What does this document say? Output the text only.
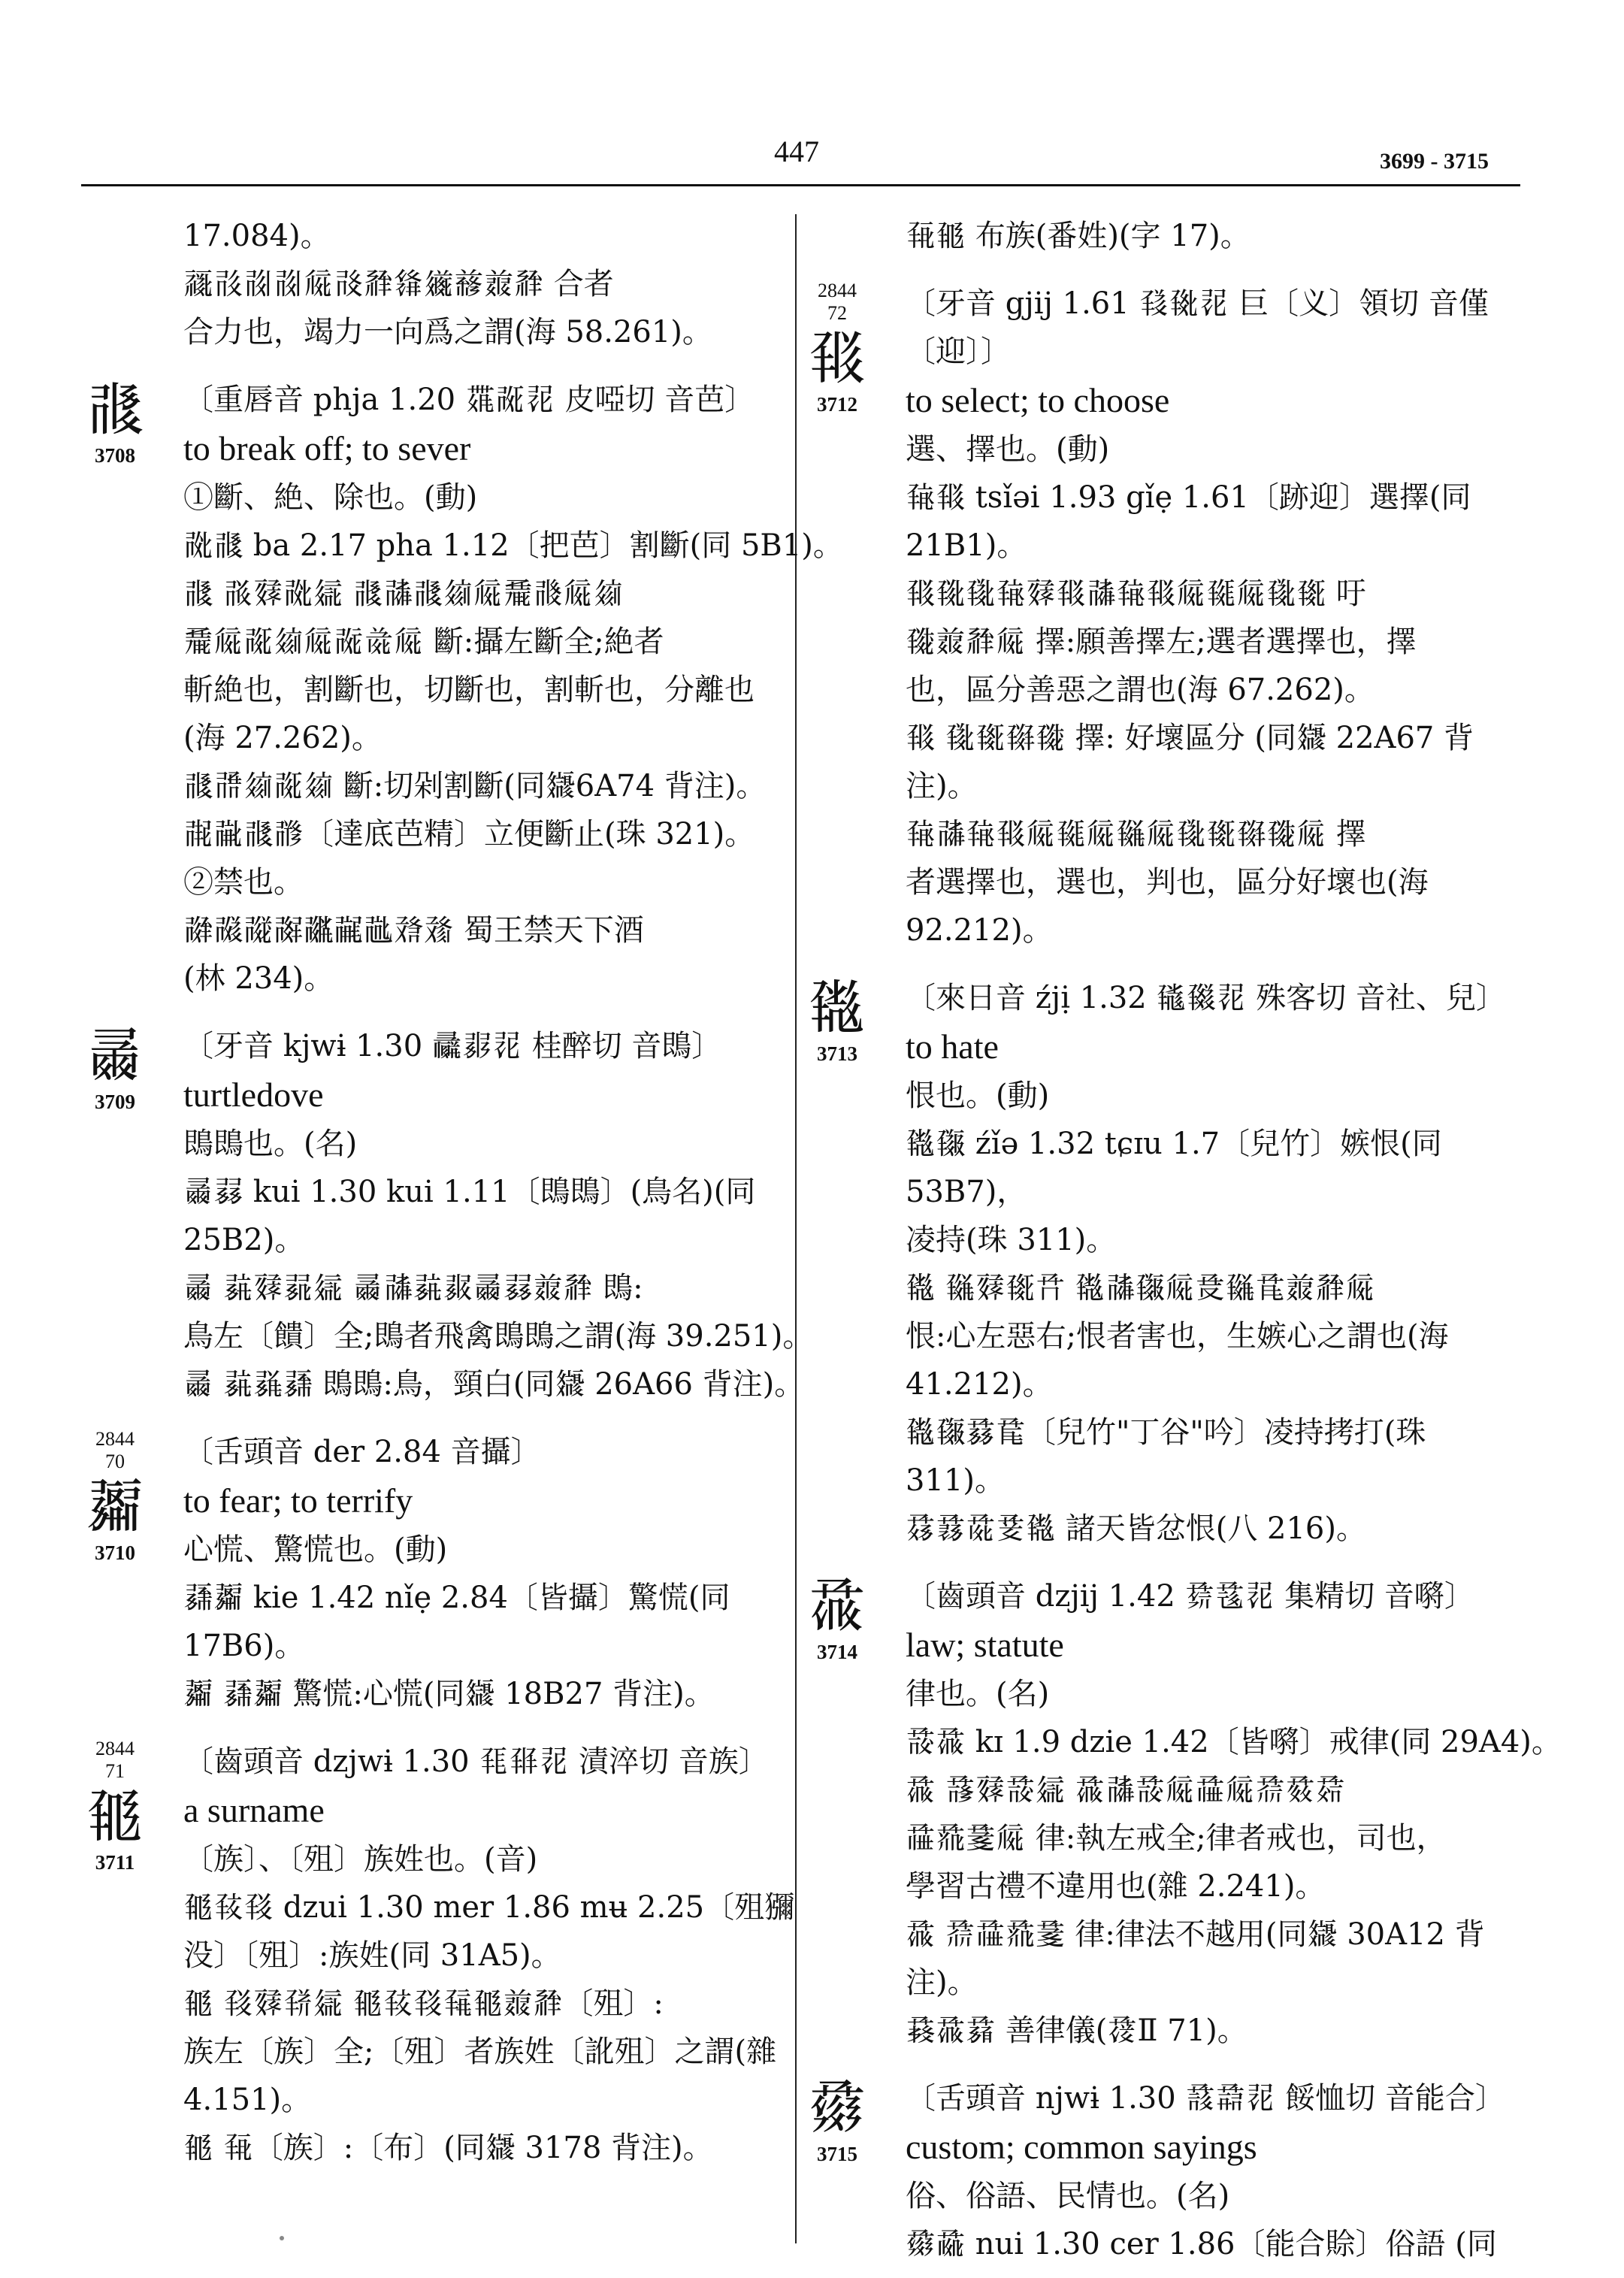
447	3699 - 3715
17.084)。
𗹙𗰓𗰖𗰖𗏁𗰗𗴂𗌭𗫂𗒘𗓱𗴂 合者
合力也，竭力一向爲之謂(海 58.261)。
𗰘
3708
〔重唇音 phja 1.20 𗶷𗰙𗕿 皮啞切 音芭〕
to break off; to sever
①斷、絶、除也。(動)
𗰚𗰘 ba 2.17 pha 1.12〔把芭〕割斷(同 5B1)。
𗰘 𗰛𗸯𗰚𗦇 𗰘𗰜𗰘𗦻𗏁𗱼𗰝𗏁𗦻
𗱼𗏁𗰞𗦻𗏁𗰟𗯨𗏁 斷:攝左斷全;絶者
斬絶也，割斷也，切斷也，割斬也，分離也
(海 27.262)。
𗰘𗰠𗦻𗰞𗦻 斷:切剁割斷(同𗿼6A74 背注)。
𗰡𗰢𗰘𗰣〔達底芭精〕立便斷止(珠 321)。
②禁也。
𗰤𗰥𗰦𗰧𗰨𗰩𗰪𗰫𗰬 蜀王禁天下酒
(林 234)。
𗰭
3709
〔牙音 kjwɨ 1.30 𗰮𗰯𗕿 桂醉切 音鵖〕
turtledove
鵖鵖也。(名)
𗰭𗰰 kui 1.30 kui 1.11〔鵖鵖〕(鳥名)(同
25B2)。
𗰭 𗰱𗸯𗰲𗦇 𗰭𗰜𗰱𗰳𗰭𗰰𗓱𗴂 鵖:
鳥左〔饋〕全;鵖者飛禽鵖鵖之謂(海 39.251)。
𗰭 𗰱𗰴𗰵 鵖鵖:鳥，頸白(同𗿼 26A66 背注)。
2844
70
𗰶
3710
〔舌頭音 der 2.84 音攝〕
to fear; to terrify
心慌、驚慌也。(動)
𗰵𗰶 kie 1.42 nǐẹ 2.84〔皆攝〕驚慌(同 17B6)。
𗰶 𗰵𗰶 驚慌:心慌(同𗿼 18B27 背注)。
2844
71
𗰷
3711
〔齒頭音 dzjwɨ 1.30 𗰸𗰹𗕿 漬淬切 音族〕
a surname
〔族〕、〔殂〕族姓也。(音)
𗰷𗰺𗰻 dzui 1.30 mer 1.86 mʉ 2.25〔殂獼
没〕〔殂〕:族姓(同 31A5)。
𗰷 𗰻𗸯𗰼𗦇 𗰷𗰺𗰻𗰽𗰷𗓱𗴂〔殂〕:
族左〔族〕全;〔殂〕者族姓〔訛殂〕之謂(雜
4.151)。
𗰷 𗰾〔族〕:〔布〕(同𗿼 3178 背注)。
𗰾𗰷 布族(番姓)(字 17)。
2844
72
𗰿
3712
〔牙音 gjij 1.61 𗱀𗱁𗕿 巨〔义〕領切 音僅
〔迎〕〕
to select; to choose
選、擇也。(動)
𗱂𗰿 tsǐəi 1.93 gǐẹ 1.61〔跡迎〕選擇(同21B1)。
𗰿𗱃𗱄𗱂𗸯𗰿𗰜𗱂𗰿𗏁𗱅𗏁𗱄𗱆 吁
𗱇𗓱𗴂𗏁 擇:願善擇左;選者選擇也，擇
也，區分善惡之謂也(海 67.262)。
𗰿 𗱄𗱆𗱈𗱇 擇: 好壞區分 (同𗿼 22A67 背
注)。
𗱂𗰜𗱂𗰿𗏁𗱅𗏁𗱉𗏁𗱄𗱆𗱈𗱇𗏁 擇
者選擇也，選也，判也，區分好壞也(海
92.212)。
𗱊
3713
〔來日音 źjị 1.32 𗱋𗱌𗕿 殊客切 音社、兒〕
to hate
恨也。(動)
𗱊𗱍 źǐə 1.32 tɕɪu 1.7〔兒竹〕嫉恨(同 53B7)，
凌持(珠 311)。
𗱊 𗱉𗸯𗱆𗱎 𗱊𗰜𗱍𗏁𗱏𗱉𗱐𗓱𗴂𗏁
恨:心左惡右;恨者害也，生嫉心之謂也(海
41.212)。
𗱊𗱍𗱑𗱒〔兒竹"丁谷"吟〕凌持拷打(珠
311)。
𗱓𗱔𗱕𗱖𗱊 諸天皆忿恨(八 216)。
𗱗
3714
〔齒頭音 dzjij 1.42 𗱘𗱙𗕿 集精切 音𡁷〕
law; statute
律也。(名)
𗱚𗱗 kɪ 1.9 dzie 1.42〔皆𡁷〕戒律(同 29A4)。
𗱗 𗱛𗸯𗱚𗦇 𗱗𗰜𗱚𗏁𗱜𗏁𗱝𗱞𗱟
𗱜𗱠𗱡𗏁 律:執左戒全;律者戒也，司也，
學習古禮不違用也(雜 2.241)。
𗱗 𗱝𗱜𗱠𗱡 律:律法不越用(同𗿼 30A12 背
注)。
𗱢𗱗𗱣 善律儀(𗱤Ⅱ 71)。
𗱥
3715
〔舌頭音 njwɨ 1.30 𗱦𗱧𗕿 餒恤切 音能合〕
custom; common sayings
俗、俗語、民情也。(名)
𗱥𗱨 nui 1.30 cer 1.86〔能合賒〕俗語 (同
